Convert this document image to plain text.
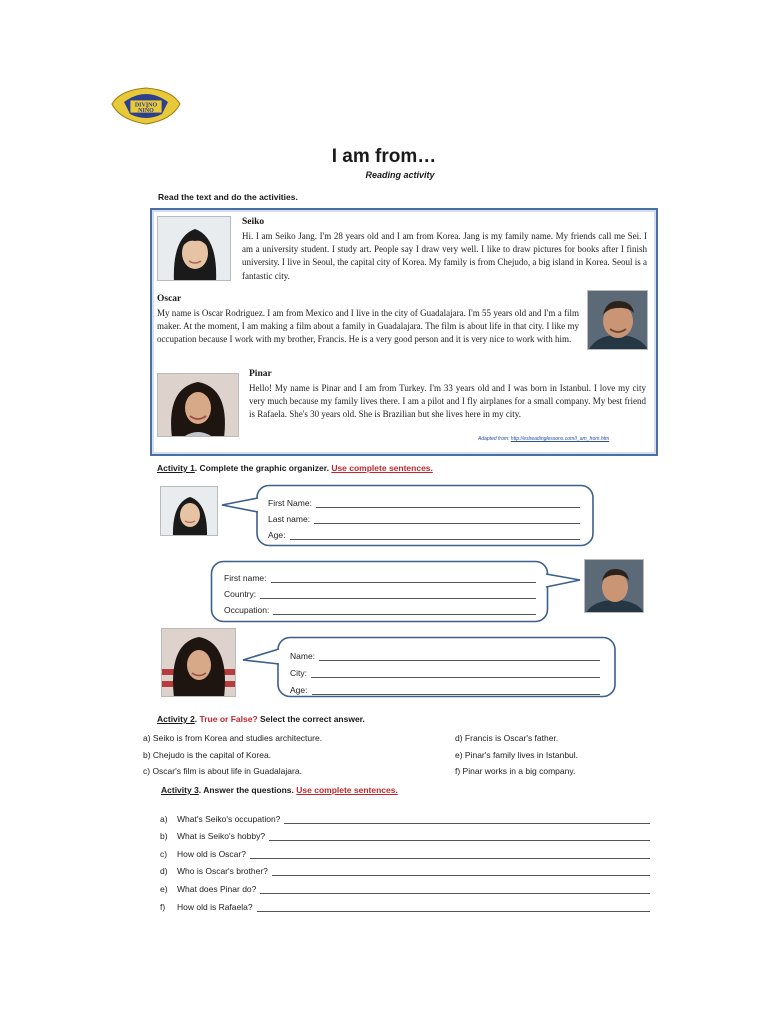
DIVINO
NIÑO
I am from…
Reading activity
Read the text and do the activities.
Seiko
Hi. I am Seiko Jang. I'm 28 years old and I am from Korea. Jang is my family name. My friends call me Sei. I am a university student. I study art. People say I draw very well. I like to draw pictures for books after I finish university. I live in Seoul, the capital city of Korea. My family is from Chejudo, a big island in Korea. Seoul is a fantastic city.
Oscar
My name is Oscar Rodriguez. I am from Mexico and I live in the city of Guadalajara. I'm 55 years old and I'm a film maker. At the moment, I am making a film about a family in Guadalajara. The film is about life in that city. I like my occupation because I work with my brother, Francis. He is a very good person and it is very nice to work with him.
Pinar
Hello! My name is Pinar and I am from Turkey. I'm 33 years old and I was born in Istanbul. I love my city very much because my family lives there. I am a pilot and I fly airplanes for a small company. My best friend is Rafaela. She's 30 years old. She is Brazilian but she lives here in my city.
Adapted from: http://eslreadinglessons.com/I_am_from.htm
Activity 1. Complete the graphic organizer. Use complete sentences.
First Name:
Last name:
Age:
First name:
Country:
Occupation:
Name:
City:
Age:
Activity 2. True or False? Select the correct answer.
a) Seiko is from Korea and studies architecture.
b) Chejudo is the capital of Korea.
c) Oscar's film is about life in Guadalajara.
d) Francis is Oscar's father.
e) Pinar's family lives in Istanbul.
f) Pinar works in a big company.
Activity 3. Answer the questions. Use complete sentences.
a)	What's Seiko's occupation?
b)	What is Seiko's hobby?
c)	How old is Oscar?
d)	Who is Oscar's brother?
e)	What does Pinar do?
f)	How old is Rafaela?
